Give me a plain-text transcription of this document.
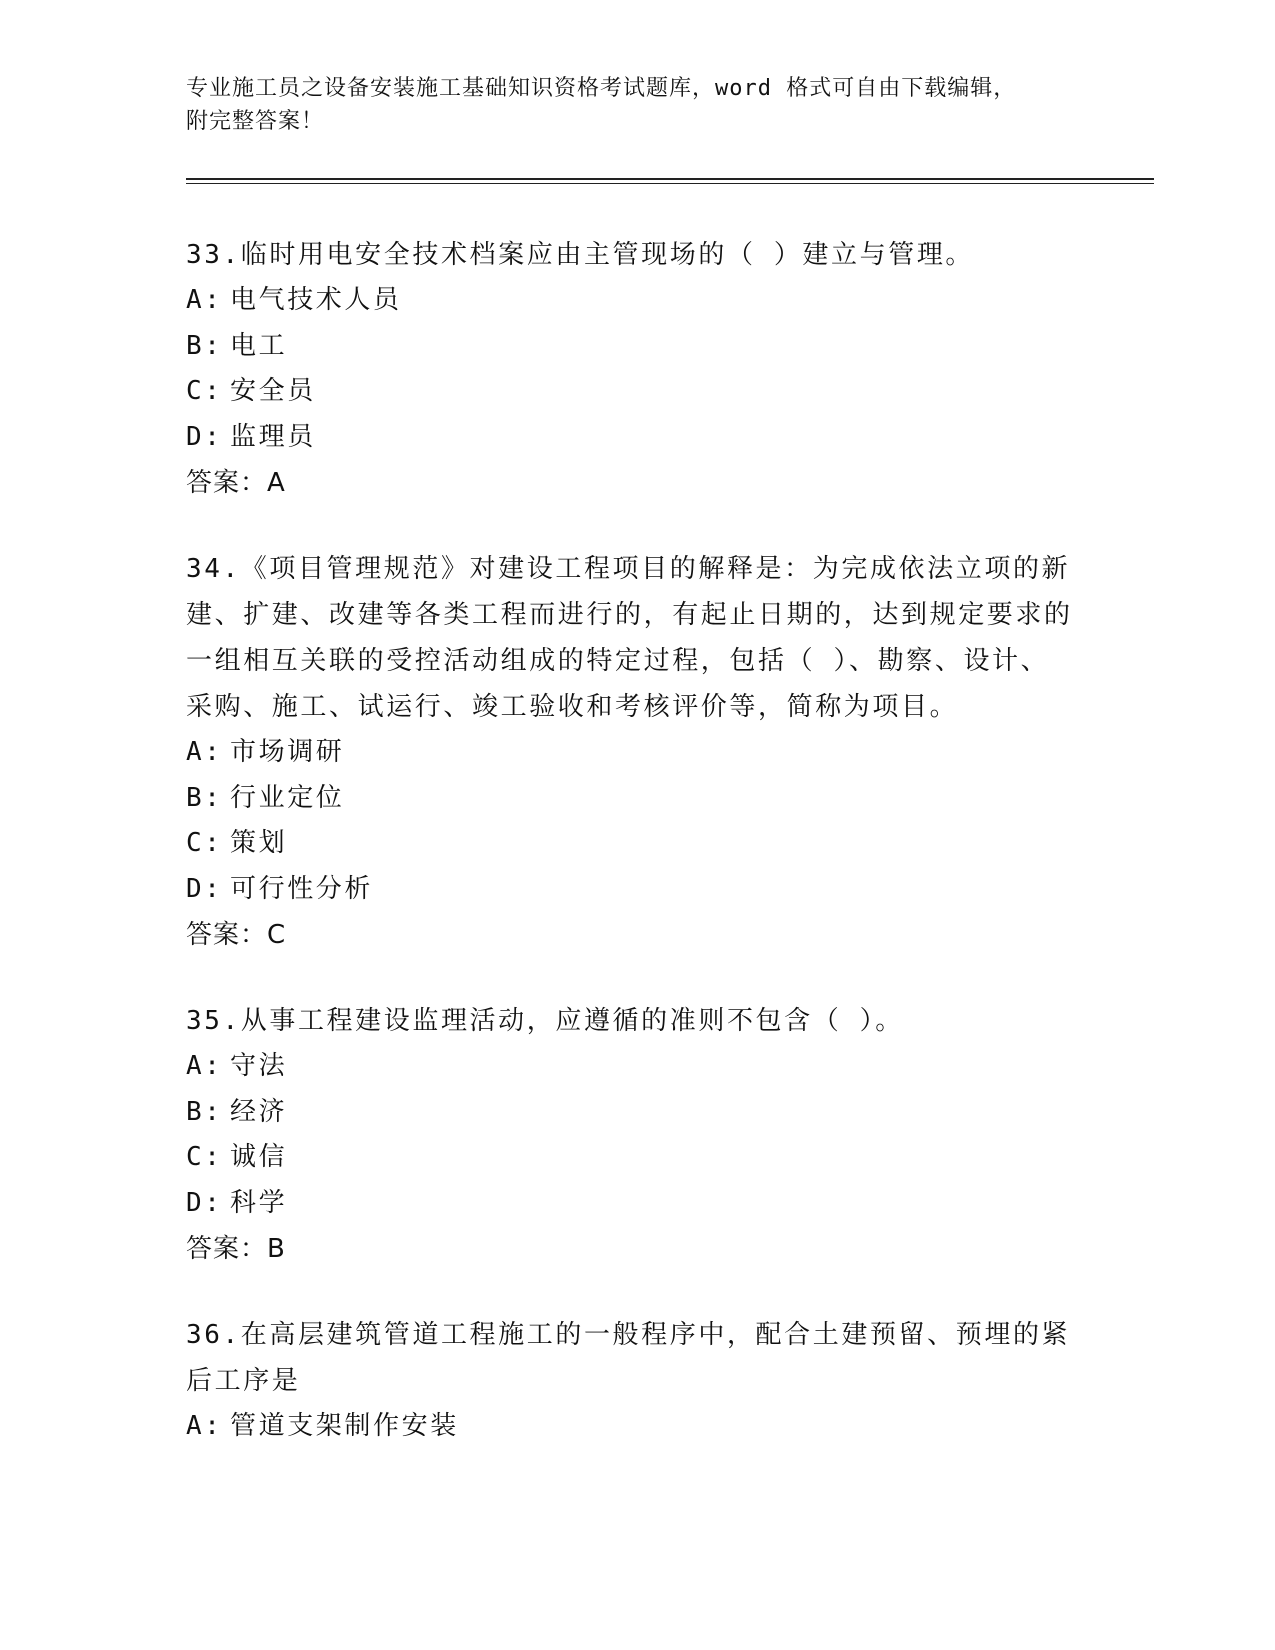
专业施工员之设备安装施工基础知识资格考试题库，word 格式可自由下载编辑，
附完整答案！
33.临时用电安全技术档案应由主管现场的（ ）建立与管理。
A: 电气技术人员
B: 电工
C: 安全员
D: 监理员
答案：A
34.《项目管理规范》对建设工程项目的解释是：为完成依法立项的新建、扩建、改建等各类工程而进行的，有起止日期的，达到规定要求的一组相互关联的受控活动组成的特定过程，包括（ ）、勘察、设计、采购、施工、试运行、竣工验收和考核评价等，简称为项目。
A: 市场调研
B: 行业定位
C: 策划
D: 可行性分析
答案：C
35.从事工程建设监理活动，应遵循的准则不包含（ ）。
A: 守法
B: 经济
C: 诚信
D: 科学
答案：B
36.在高层建筑管道工程施工的一般程序中，配合土建预留、预埋的紧后工序是
A: 管道支架制作安装
